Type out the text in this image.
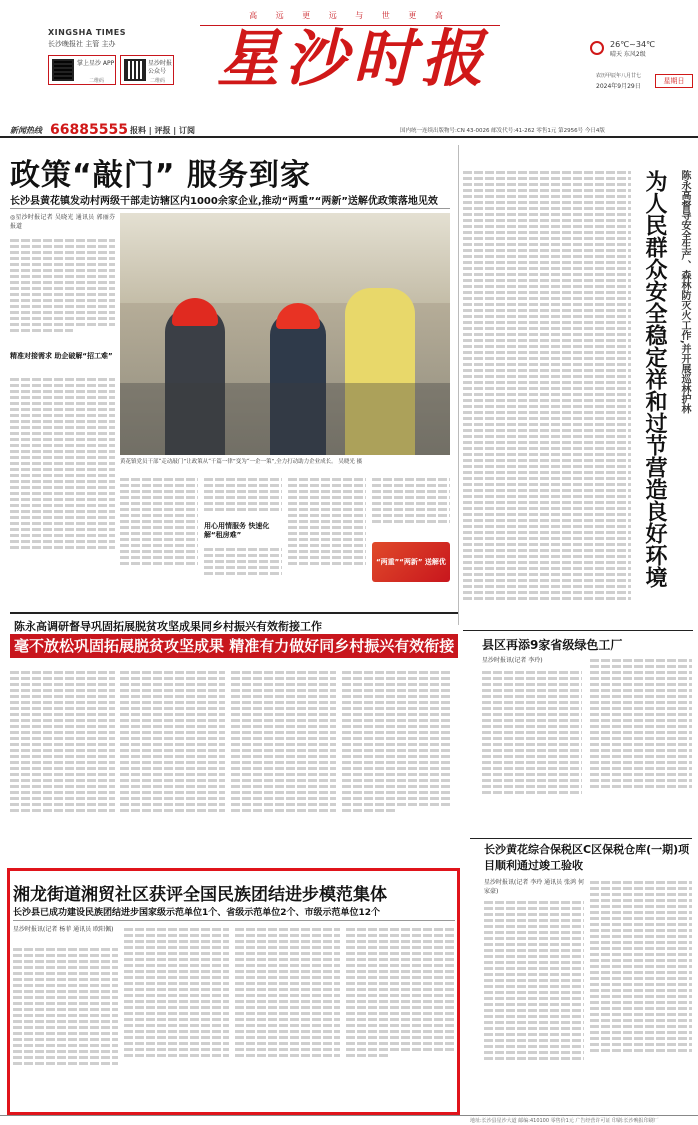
高 远 更 远 与 世 更 高
XINGSHA TIMES
长沙晚报社 主管 主办
掌上星沙 APP
二维码
星沙时报 公众号
二维码 星沙时报	26℃~34℃
晴天 东风2级
农历甲辰年八月廿七
2024年9月29日
星期日
新闻热线 66885555 报料 | 评报 | 订阅	国内统一连续出版物号:CN 43-0026 邮发代号:41-262 零售1元 第2956号 今日4版
政策“敲门” 服务到家
长沙县黄花镇发动村两级干部走访辖区内1000余家企业,推动“两重”“两新”送解优政策落地见效
◎星沙时报记者 吴晓光 通讯员 郭丽芬 报道
精准对接需求 助企破解“招工难”
黄花镇党员干部“走动敲门”让政策从“千篇一律”变为“一企一策”,全力打动助力企业成长。 吴晓光 摄
用心用情服务 快速化解“租房难”
“两重”“两新” 送解优	为人民群众安全稳定祥和过节营造良好环境	陈永高督导安全生产、森林防灭火工作,并开展巡林护林
陈永高调研督导巩固拓展脱贫攻坚成果同乡村振兴有效衔接工作
毫不放松巩固拓展脱贫攻坚成果 精准有力做好同乡村振兴有效衔接	县区再添9家省级绿色工厂
星沙时报讯(记者 李玲)
湘龙街道湘贸社区获评全国民族团结进步模范集体
长沙县已成功建设民族团结进步国家级示范单位1个、省级示范单位2个、市级示范单位12个
星沙时报讯(记者 杨菲 通讯员 欧阳佩)
长沙黄花综合保税区C区保税仓库(一期)项目顺利通过竣工验收
星沙时报讯(记者 李玲 通讯员 张鸿 何家豪)
地址:长沙县星沙大道 邮编:410100 零售价1元 广告经营许可证 印刷:长沙晚报印刷厂
